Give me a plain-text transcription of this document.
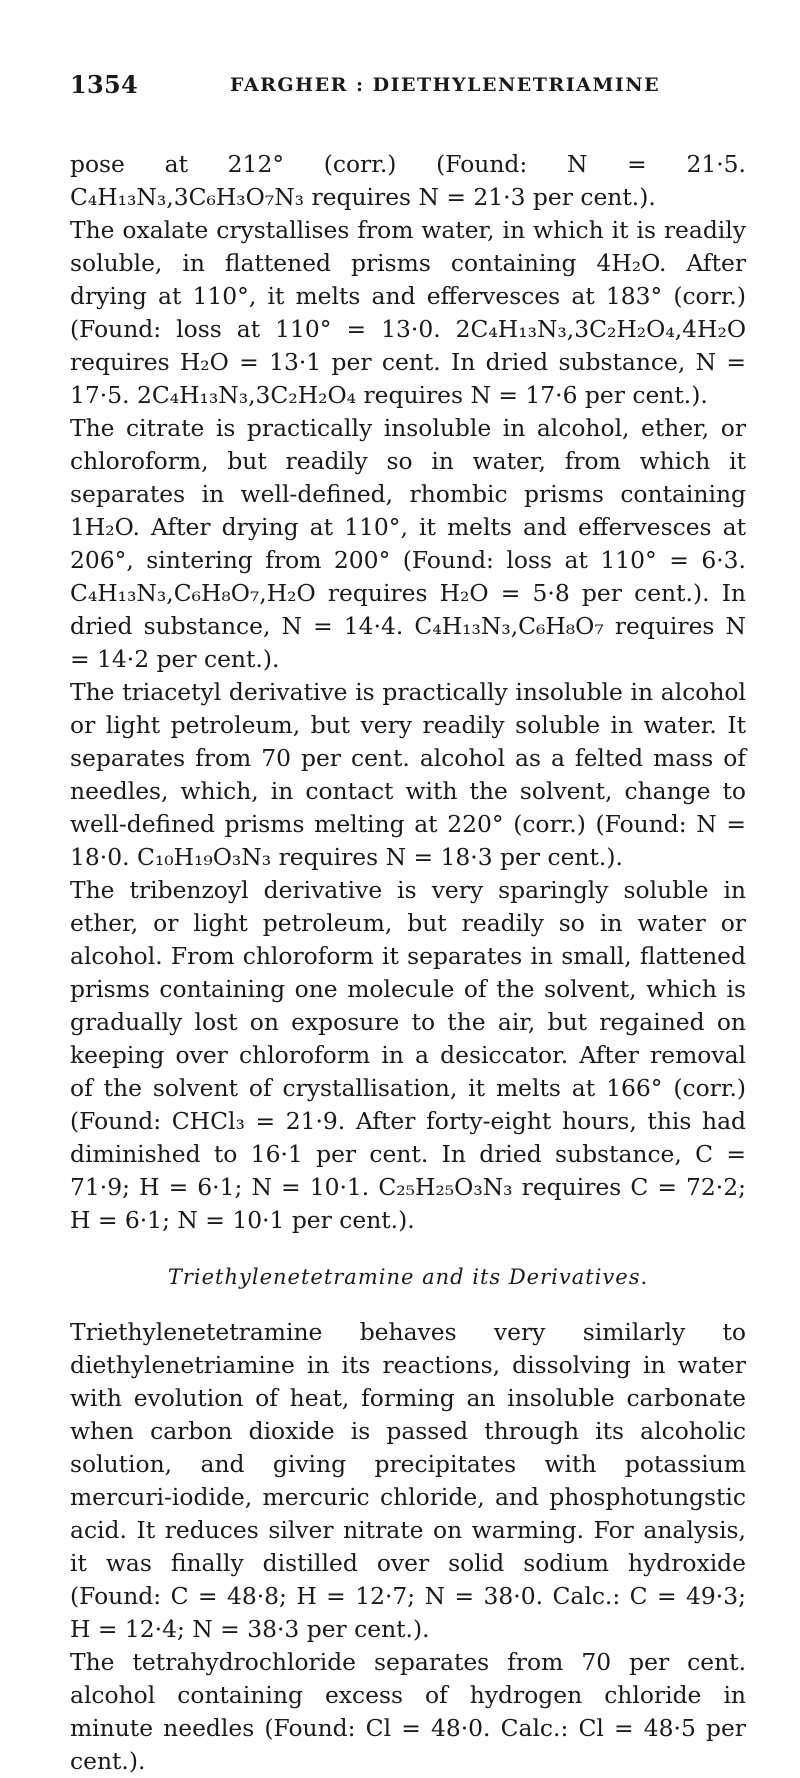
1354	FARGHER : DIETHYLENETRIAMINE

pose at 212° (corr.) (Found: N = 21·5. C₄H₁₃N₃,3C₆H₃O₇N₃ requires N = 21·3 per cent.).

The oxalate crystallises from water, in which it is readily soluble, in flattened prisms containing 4H₂O. After drying at 110°, it melts and effervesces at 183° (corr.) (Found: loss at 110° = 13·0. 2C₄H₁₃N₃,3C₂H₂O₄,4H₂O requires H₂O = 13·1 per cent. In dried substance, N = 17·5. 2C₄H₁₃N₃,3C₂H₂O₄ requires N = 17·6 per cent.).

The citrate is practically insoluble in alcohol, ether, or chloroform, but readily so in water, from which it separates in well-defined, rhombic prisms containing 1H₂O. After drying at 110°, it melts and effervesces at 206°, sintering from 200° (Found: loss at 110° = 6·3. C₄H₁₃N₃,C₆H₈O₇,H₂O requires H₂O = 5·8 per cent.). In dried substance, N = 14·4. C₄H₁₃N₃,C₆H₈O₇ requires N = 14·2 per cent.).

The triacetyl derivative is practically insoluble in alcohol or light petroleum, but very readily soluble in water. It separates from 70 per cent. alcohol as a felted mass of needles, which, in contact with the solvent, change to well-defined prisms melting at 220° (corr.) (Found: N = 18·0. C₁₀H₁₉O₃N₃ requires N = 18·3 per cent.).

The tribenzoyl derivative is very sparingly soluble in ether, or light petroleum, but readily so in water or alcohol. From chloroform it separates in small, flattened prisms containing one molecule of the solvent, which is gradually lost on exposure to the air, but regained on keeping over chloroform in a desiccator. After removal of the solvent of crystallisation, it melts at 166° (corr.) (Found: CHCl₃ = 21·9. After forty-eight hours, this had diminished to 16·1 per cent. In dried substance, C = 71·9; H = 6·1; N = 10·1. C₂₅H₂₅O₃N₃ requires C = 72·2; H = 6·1; N = 10·1 per cent.).

Triethylenetetramine and its Derivatives.

Triethylenetetramine behaves very similarly to diethylenetriamine in its reactions, dissolving in water with evolution of heat, forming an insoluble carbonate when carbon dioxide is passed through its alcoholic solution, and giving precipitates with potassium mercuri-iodide, mercuric chloride, and phosphotungstic acid. It reduces silver nitrate on warming. For analysis, it was finally distilled over solid sodium hydroxide (Found: C = 48·8; H = 12·7; N = 38·0. Calc.: C = 49·3; H = 12·4; N = 38·3 per cent.).

The tetrahydrochloride separates from 70 per cent. alcohol containing excess of hydrogen chloride in minute needles (Found: Cl = 48·0. Calc.: Cl = 48·5 per cent.).
